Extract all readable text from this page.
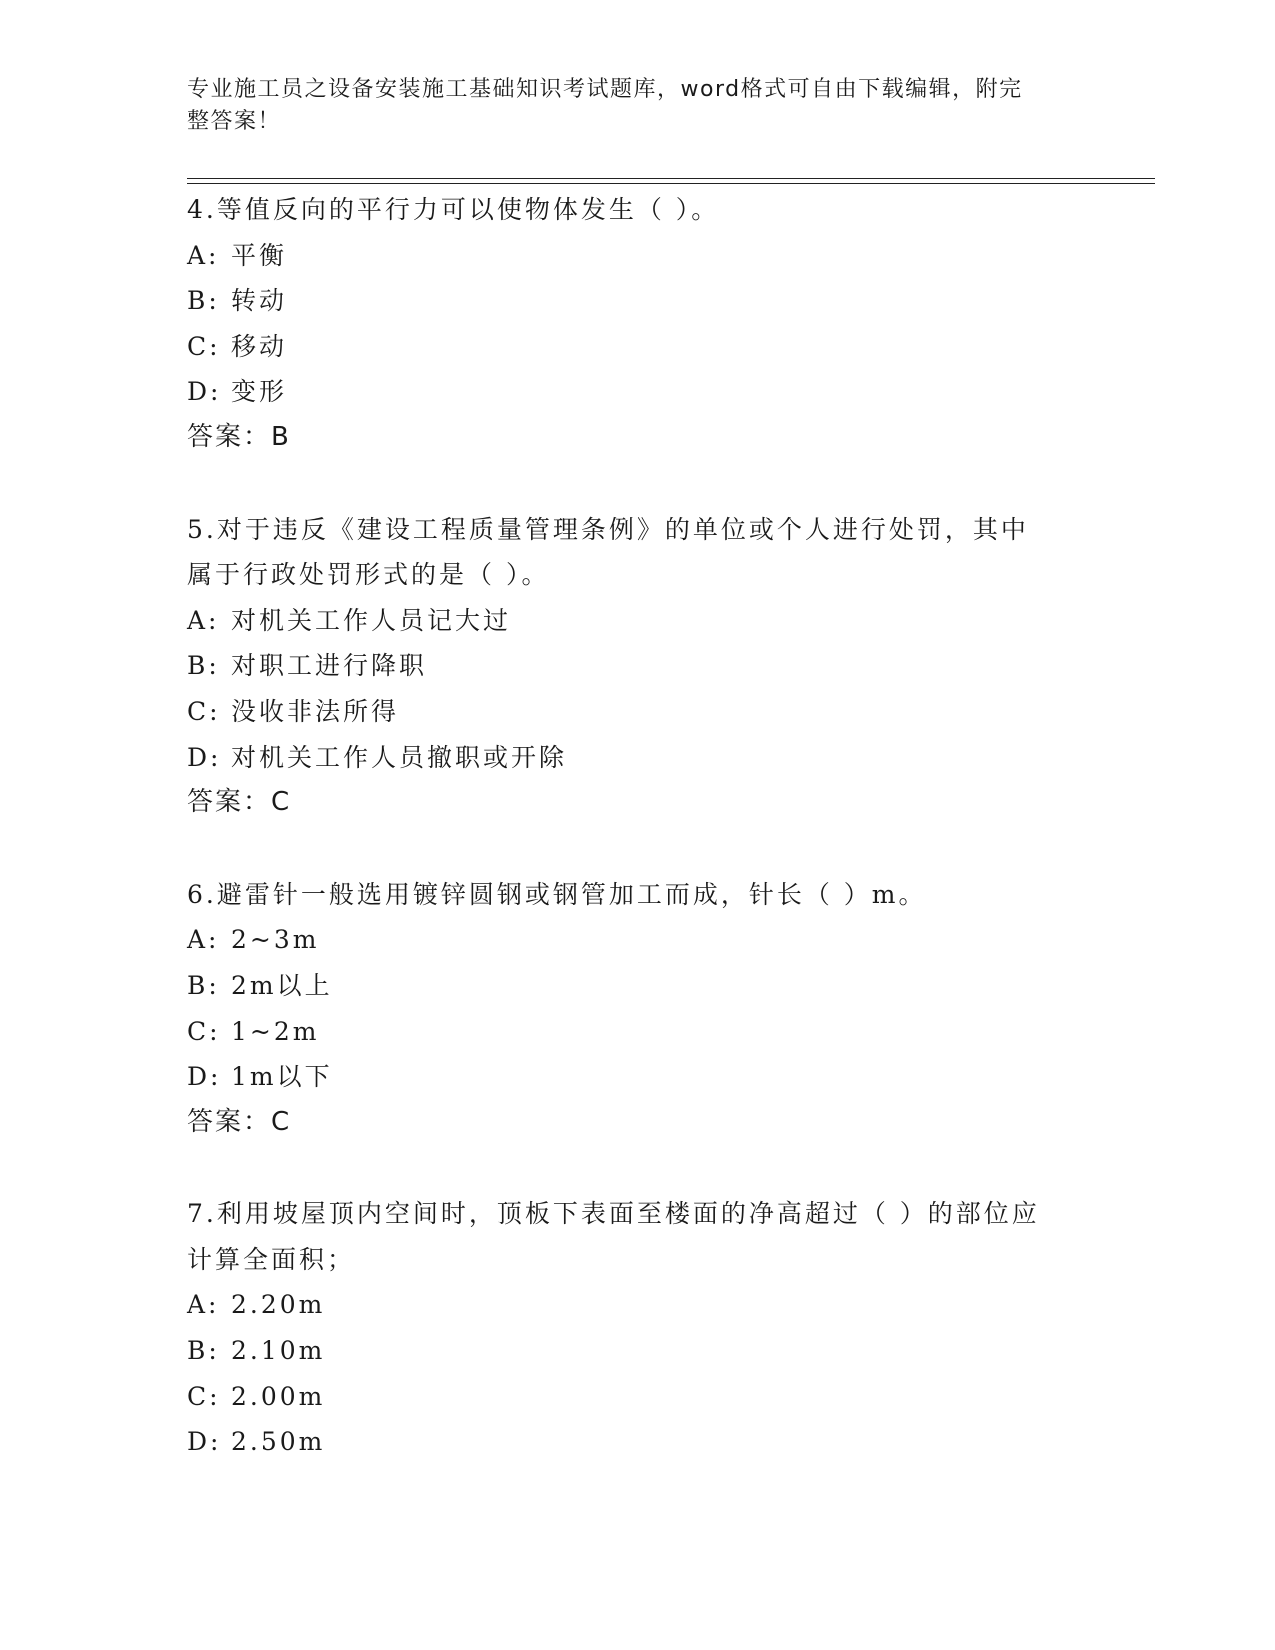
专业施工员之设备安装施工基础知识考试题库，word格式可自由下载编辑，附完
整答案！
4.等值反向的平行力可以使物体发生（ ）。
A: 平衡
B: 转动
C: 移动
D: 变形
答案：B
5.对于违反《建设工程质量管理条例》的单位或个人进行处罚，其中
属于行政处罚形式的是（ ）。
A: 对机关工作人员记大过
B: 对职工进行降职
C: 没收非法所得
D: 对机关工作人员撤职或开除
答案：C
6.避雷针一般选用镀锌圆钢或钢管加工而成，针长（ ）m。
A: 2~3m
B: 2m以上
C: 1~2m
D: 1m以下
答案：C
7.利用坡屋顶内空间时，顶板下表面至楼面的净高超过（ ）的部位应
计算全面积；
A: 2.20m
B: 2.10m
C: 2.00m
D: 2.50m
